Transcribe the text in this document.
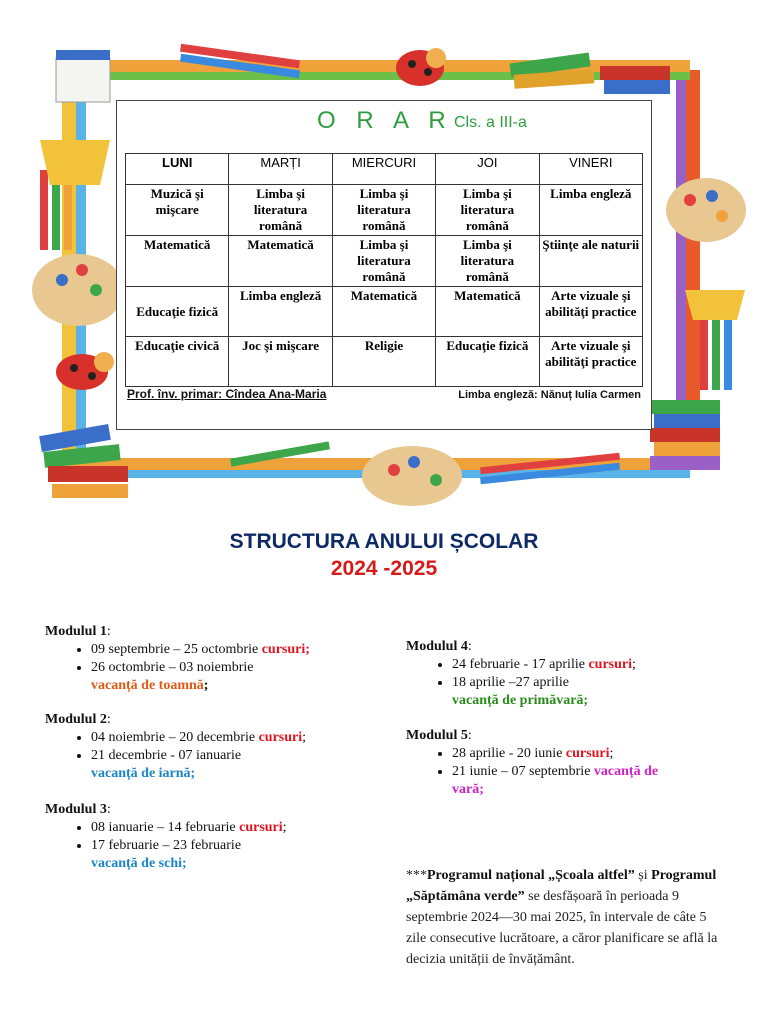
O R A R Cls. a III-a
LUNI	MARȚI	MIERCURI	JOI	VINERI
Muzică şi mişcare	Limba şi literatura română	Limba şi literatura română	Limba şi literatura română	Limba engleză
Matematică	Matematică	Limba şi literatura română	Limba şi literatura română	Ştiinţe ale naturii
Educaţie fizică	Limba engleză	Matematică	Matematică	Arte vizuale şi abilităţi practice
Educaţie civică	Joc şi mişcare	Religie	Educaţie fizică	Arte vizuale şi abilităţi practice
Prof. înv. primar: Cîndea Ana-Maria	Limba engleză: Nănuț Iulia Carmen
STRUCTURA ANULUI ȘCOLAR
2024 -2025
Modulul 1:
• 09 septembrie – 25 octombrie cursuri;
• 26 octombrie – 03 noiembrie
vacanță de toamnă;
Modulul 2:
• 04 noiembrie – 20 decembrie cursuri;
• 21 decembrie - 07 ianuarie
vacanță de iarnă;
Modulul 3:
• 08 ianuarie – 14 februarie cursuri;
• 17 februarie – 23 februarie
vacanță de schi;
Modulul 4:
• 24 februarie - 17 aprilie cursuri;
• 18 aprilie –27 aprilie
vacanță de primăvară;
Modulul 5:
• 28 aprilie - 20 iunie cursuri;
• 21 iunie – 07 septembrie vacanță de
vară;
***Programul național „Școala altfel” și Programul „Săptămâna verde” se desfășoară în perioada 9 septembrie 2024—30 mai 2025, în intervale de câte 5 zile consecutive lucrătoare, a căror planificare se află la decizia unității de învățământ.
